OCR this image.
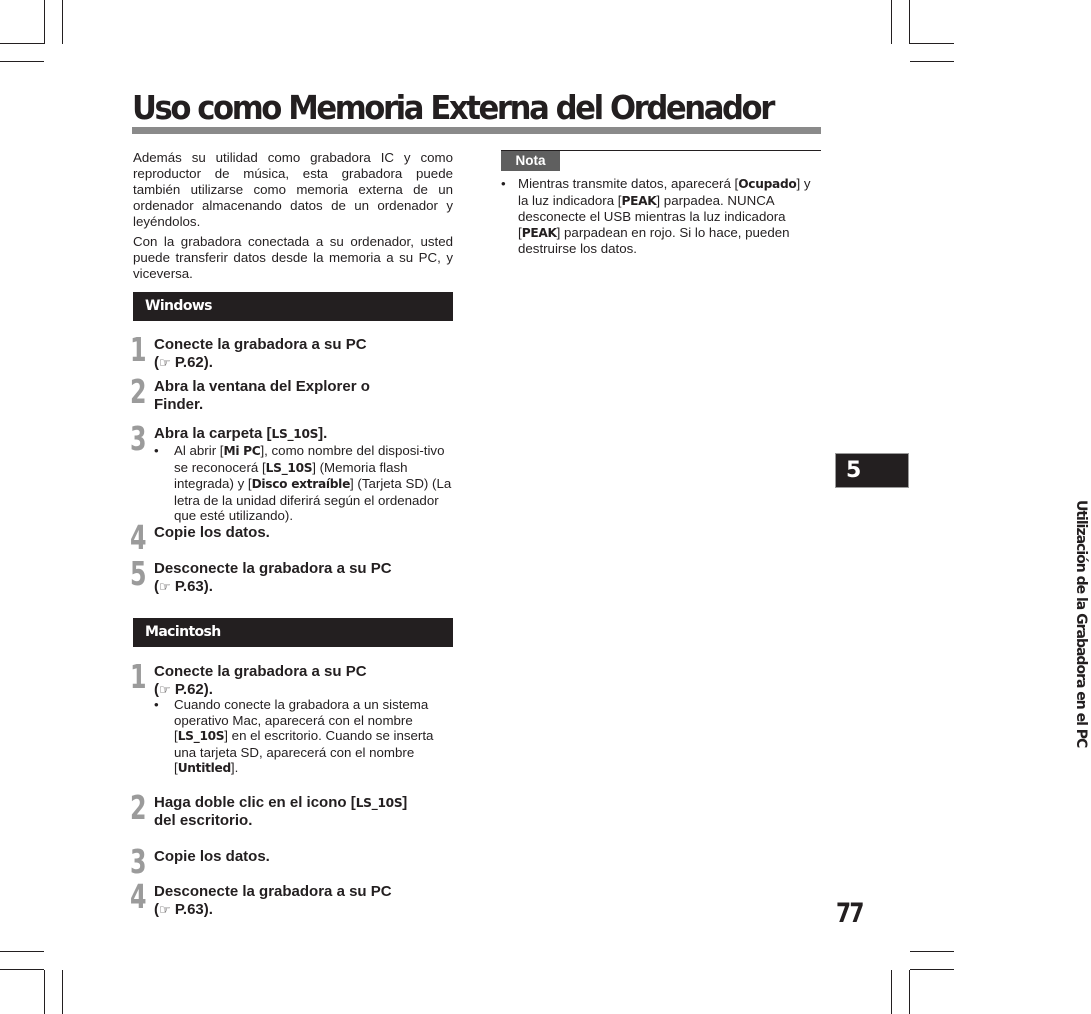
Uso como Memoria Externa del Ordenador

Además su utilidad como grabadora IC y como reproductor de música, esta grabadora puede también utilizarse como memoria externa de un ordenador almacenando datos de un ordenador y leyéndolos.

Con la grabadora conectada a su ordenador, usted puede transferir datos desde la memoria a su PC, y viceversa.

Windows
1 Conecte la grabadora a su PC
(☞ P.62).
2 Abra la ventana del Explorer o
Finder.
3 Abra la carpeta [LS_10S].
•	Al abrir [Mi PC], como nombre del disposi-tivo se reconocerá [LS_10S] (Memoria flash integrada) y [Disco extraíble] (Tarjeta SD) (La letra de la unidad diferirá según el ordenador que esté utilizando).
4 Copie los datos.
5 Desconecte la grabadora a su PC
(☞ P.63).
Macintosh
1 Conecte la grabadora a su PC
(☞ P.62).
•	Cuando conecte la grabadora a un sistema operativo Mac, aparecerá con el nombre [LS_10S] en el escritorio. Cuando se inserta una tarjeta SD, aparecerá con el nombre [Untitled].
2 Haga doble clic en el icono [LS_10S]
del escritorio.
3 Copie los datos.
4 Desconecte la grabadora a su PC
(☞ P.63).
Nota
• Mientras transmite datos, aparecerá [Ocupado] y la luz indicadora [PEAK] parpadea. NUNCA desconecte el USB mientras la luz indicadora [PEAK] parpadean en rojo. Si lo hace, pueden destruirse los datos.
5
Utilización de la Grabadora en el PC
77
